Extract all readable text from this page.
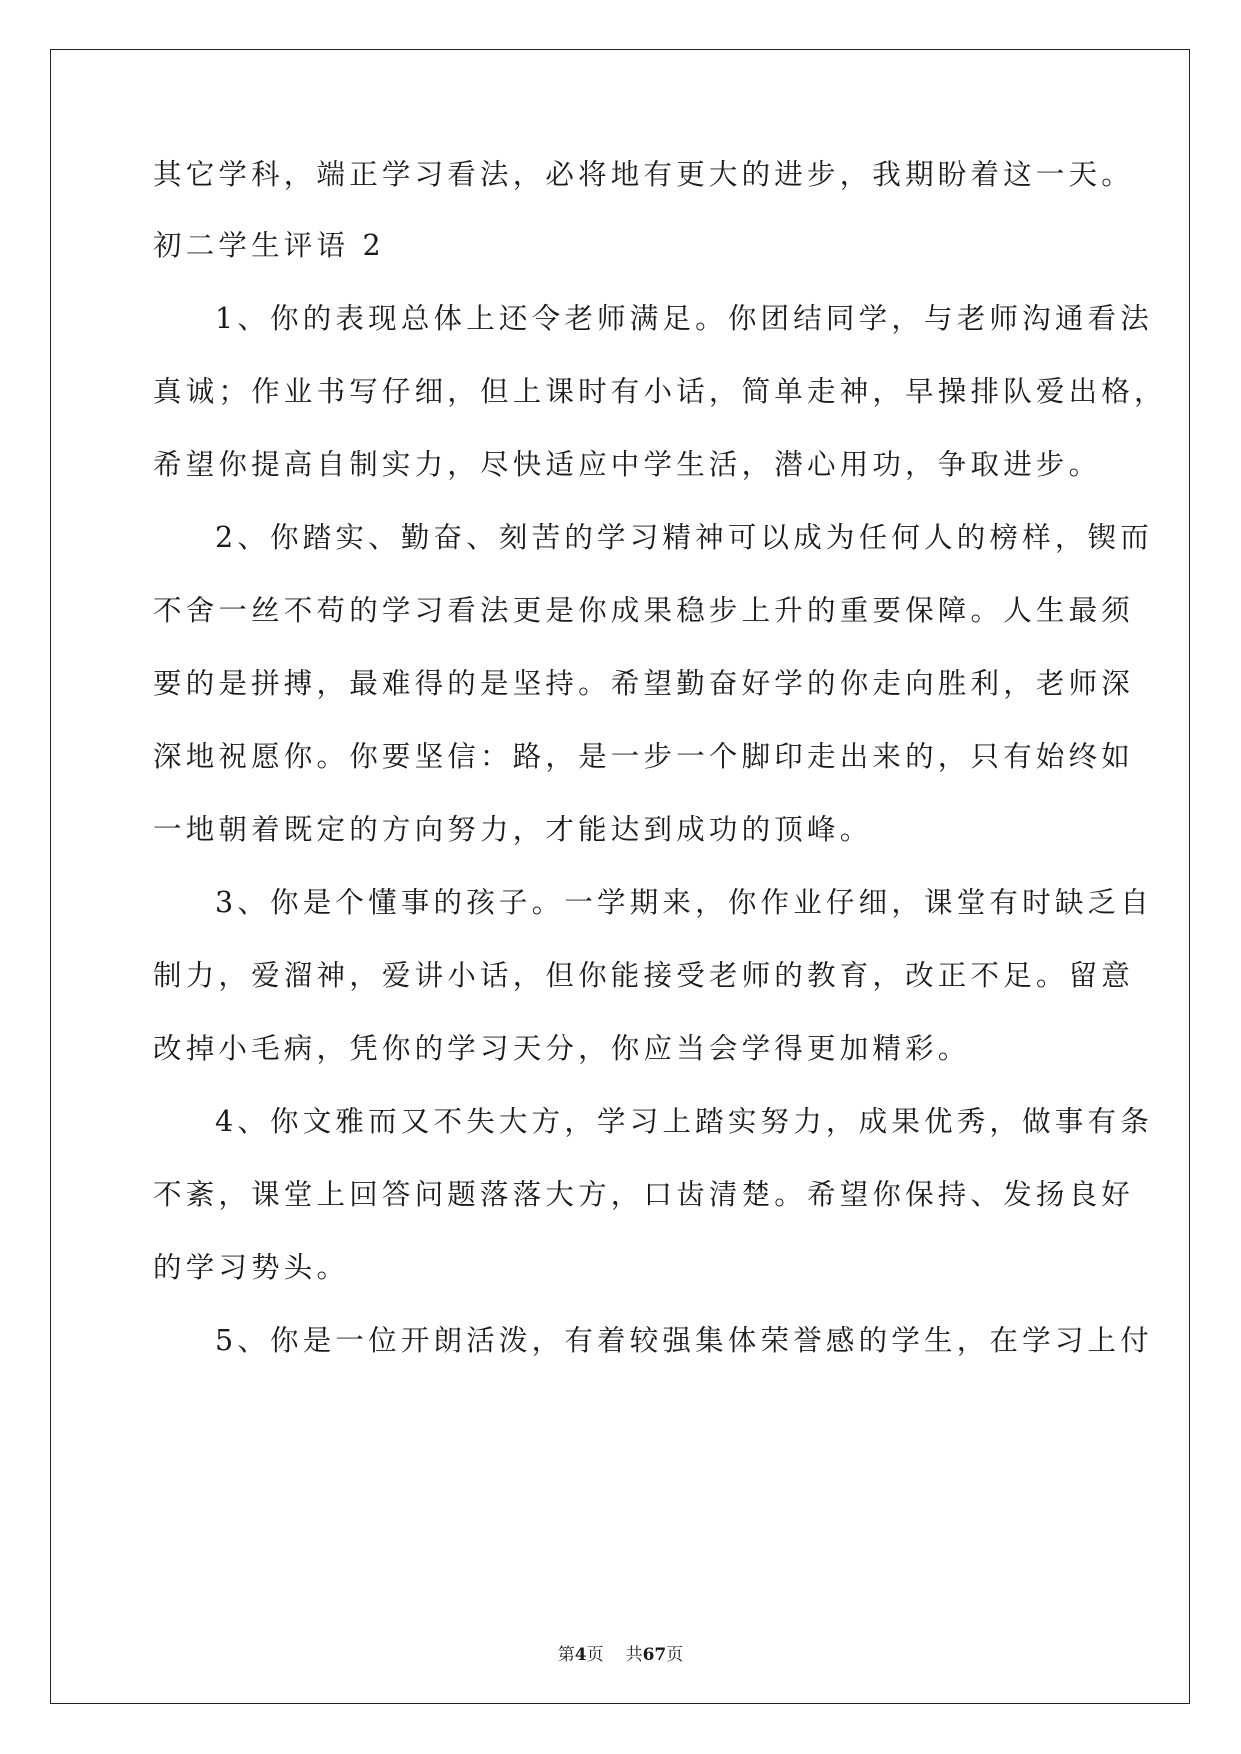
其它学科，端正学习看法，必将地有更大的进步，我期盼着这一天。
初二学生评语 2
1、你的表现总体上还令老师满足。你团结同学，与老师沟通看法
真诚；作业书写仔细，但上课时有小话，简单走神，早操排队爱出格，
希望你提高自制实力，尽快适应中学生活，潜心用功，争取进步。
2、你踏实、勤奋、刻苦的学习精神可以成为任何人的榜样，锲而
不舍一丝不苟的学习看法更是你成果稳步上升的重要保障。人生最须
要的是拼搏，最难得的是坚持。希望勤奋好学的你走向胜利，老师深
深地祝愿你。你要坚信：路，是一步一个脚印走出来的，只有始终如
一地朝着既定的方向努力，才能达到成功的顶峰。
3、你是个懂事的孩子。一学期来，你作业仔细，课堂有时缺乏自
制力，爱溜神，爱讲小话，但你能接受老师的教育，改正不足。留意
改掉小毛病，凭你的学习天分，你应当会学得更加精彩。
4、你文雅而又不失大方，学习上踏实努力，成果优秀，做事有条
不紊，课堂上回答问题落落大方，口齿清楚。希望你保持、发扬良好
的学习势头。
5、你是一位开朗活泼，有着较强集体荣誉感的学生，在学习上付
第4页 共67页
